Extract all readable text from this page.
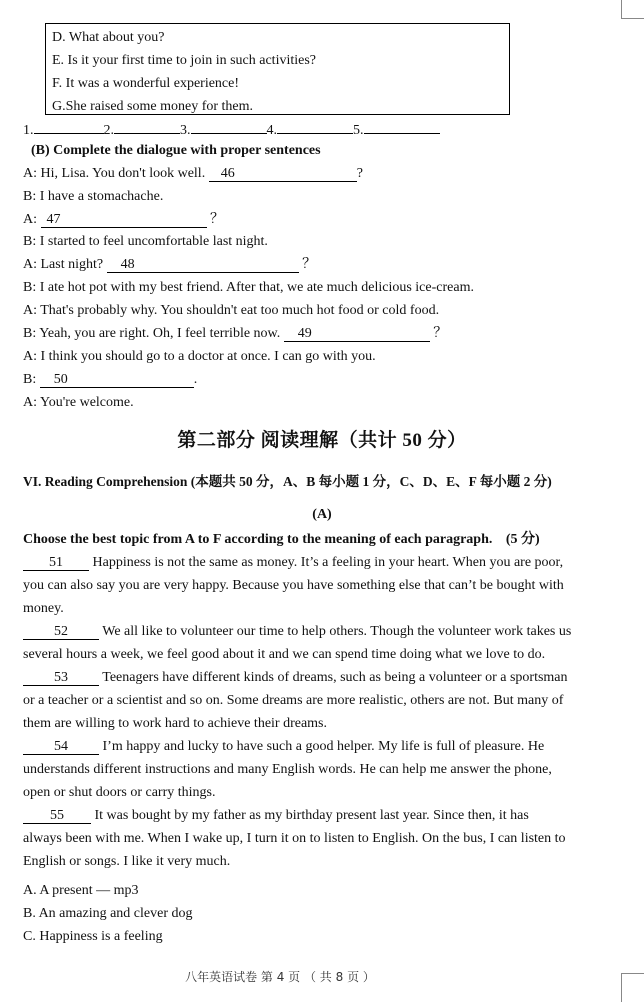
D. What about you?
E. Is it your first time to join in such activities?
F. It was a wonderful experience!
G.She raised some money for them.
1.	2.	3.	4.	5.
(B) Complete the dialogue with proper sentences
A: Hi, Lisa. You don't look well. 46	?
B: I have a stomachache.
A: 47	？
B: I started to feel uncomfortable last night.
A: Last night? 48	？
B: I ate hot pot with my best friend. After that, we ate much delicious ice-cream.
A: That's probably why. You shouldn't eat too much hot food or cold food.
B: Yeah, you are right. Oh, I feel terrible now. 49	？
A: I think you should go to a doctor at once. I can go with you.
B: 50	.
A: You're welcome.
第二部分 阅读理解（共计 50 分）
VI. Reading Comprehension (本题共 50 分，A、B 每小题 1 分，C、D、E、F 每小题 2 分)
(A)
Choose the best topic from A to F according to the meaning of each paragraph. (5 分)
51 Happiness is not the same as money. It’s a feeling in your heart. When you are poor,
you can also say you are very happy. Because you have something else that can’t be bought with
money.
52 We all like to volunteer our time to help others. Though the volunteer work takes us
several hours a week, we feel good about it and we can spend time doing what we love to do.
53 Teenagers have different kinds of dreams, such as being a volunteer or a sportsman
or a teacher or a scientist and so on. Some dreams are more realistic, others are not. But many of
them are willing to work hard to achieve their dreams.
54 I’m happy and lucky to have such a good helper. My life is full of pleasure. He
understands different instructions and many English words. He can help me answer the phone,
open or shut doors or carry things.
55 It was bought by my father as my birthday present last year. Since then, it has
always been with me. When I wake up, I turn it on to listen to English. On the bus, I can listen to
English or songs. I like it very much.
A. A present — mp3
B. An amazing and clever dog
C. Happiness is a feeling
八年英语试卷 第 4 页 （ 共 8 页 ）
